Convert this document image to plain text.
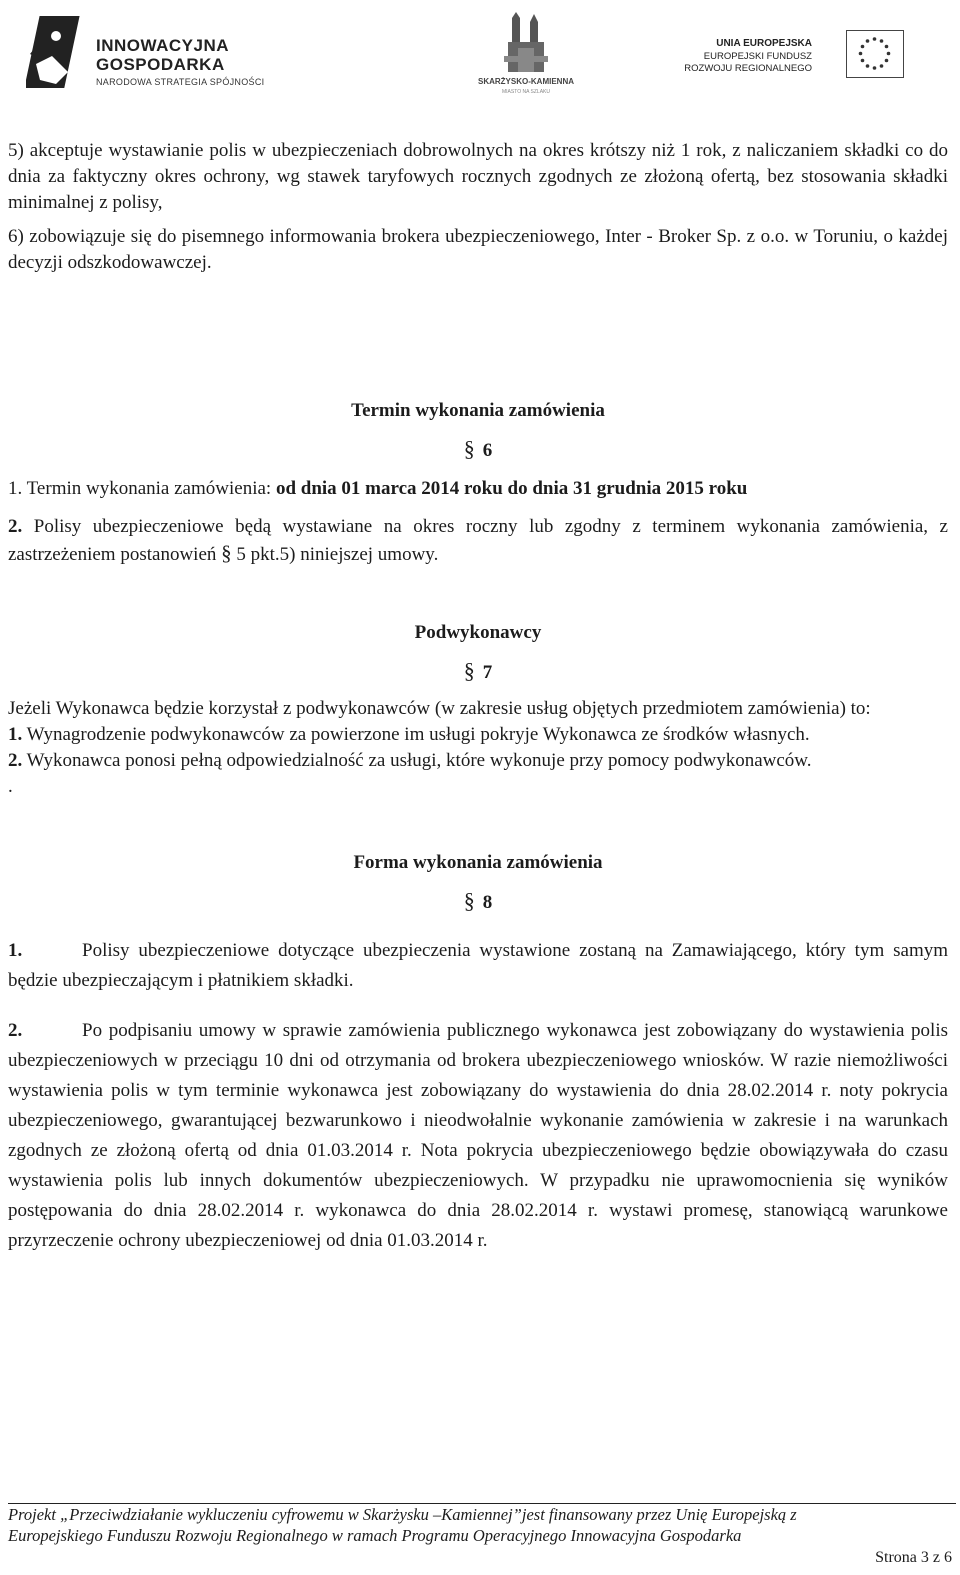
INNOWACYJNA
GOSPODARKA
NARODOWA STRATEGIA SPÓJNOŚCI	SKARŻYSKO-KAMIENNA
MIASTO NA SZLAKU
UNIA EUROPEJSKA
EUROPEJSKI FUNDUSZ
ROZWOJU REGIONALNEGO

5) akceptuje wystawianie polis w ubezpieczeniach dobrowolnych na okres krótszy niż 1 rok, z naliczaniem składki co do dnia za faktyczny okres ochrony, wg stawek taryfowych rocznych zgodnych ze złożoną ofertą, bez stosowania składki minimalnej z polisy,

6) zobowiązuje się do pisemnego informowania brokera ubezpieczeniowego, Inter - Broker Sp. z o.o. w Toruniu, o każdej decyzji odszkodowawczej.

Termin wykonania zamówienia

§ 6

1. Termin wykonania zamówienia: od dnia 01 marca 2014 roku do dnia 31 grudnia 2015 roku

2. Polisy ubezpieczeniowe będą wystawiane na okres roczny lub zgodny z terminem wykonania zamówienia, z zastrzeżeniem postanowień § 5 pkt.5) niniejszej umowy.

Podwykonawcy

§ 7

Jeżeli Wykonawca będzie korzystał z podwykonawców (w zakresie usług objętych przedmiotem zamówienia) to:

1. Wynagrodzenie podwykonawców za powierzone im usługi pokryje Wykonawca ze środków własnych.

2. Wykonawca ponosi pełną odpowiedzialność za usługi, które wykonuje przy pomocy podwykonawców.

.

Forma wykonania zamówienia

§ 8

1.	Polisy ubezpieczeniowe dotyczące ubezpieczenia wystawione zostaną na Zamawiającego, który tym samym będzie ubezpieczającym i płatnikiem składki.

2.	Po podpisaniu umowy w sprawie zamówienia publicznego wykonawca jest zobowiązany do wystawienia polis ubezpieczeniowych w przeciągu 10 dni od otrzymania od brokera ubezpieczeniowego wniosków. W razie niemożliwości wystawienia polis w tym terminie wykonawca jest zobowiązany do wystawienia do dnia 28.02.2014 r. noty pokrycia ubezpieczeniowego, gwarantującej bezwarunkowo i nieodwołalnie wykonanie zamówienia w zakresie i na warunkach zgodnych ze złożoną ofertą od dnia 01.03.2014 r. Nota pokrycia ubezpieczeniowego będzie obowiązywała do czasu wystawienia polis lub innych dokumentów ubezpieczeniowych. W przypadku nie uprawomocnienia się wyników postępowania do dnia 28.02.2014 r. wykonawca do dnia 28.02.2014 r. wystawi promesę, stanowiącą warunkowe przyrzeczenie ochrony ubezpieczeniowej od dnia 01.03.2014 r.

Projekt „Przeciwdziałanie wykluczeniu cyfrowemu w Skarżysku –Kamiennej”jest finansowany przez Unię Europejską z
Europejskiego Funduszu Rozwoju Regionalnego w ramach Programu Operacyjnego Innowacyjna Gospodarka
Strona 3 z 6
